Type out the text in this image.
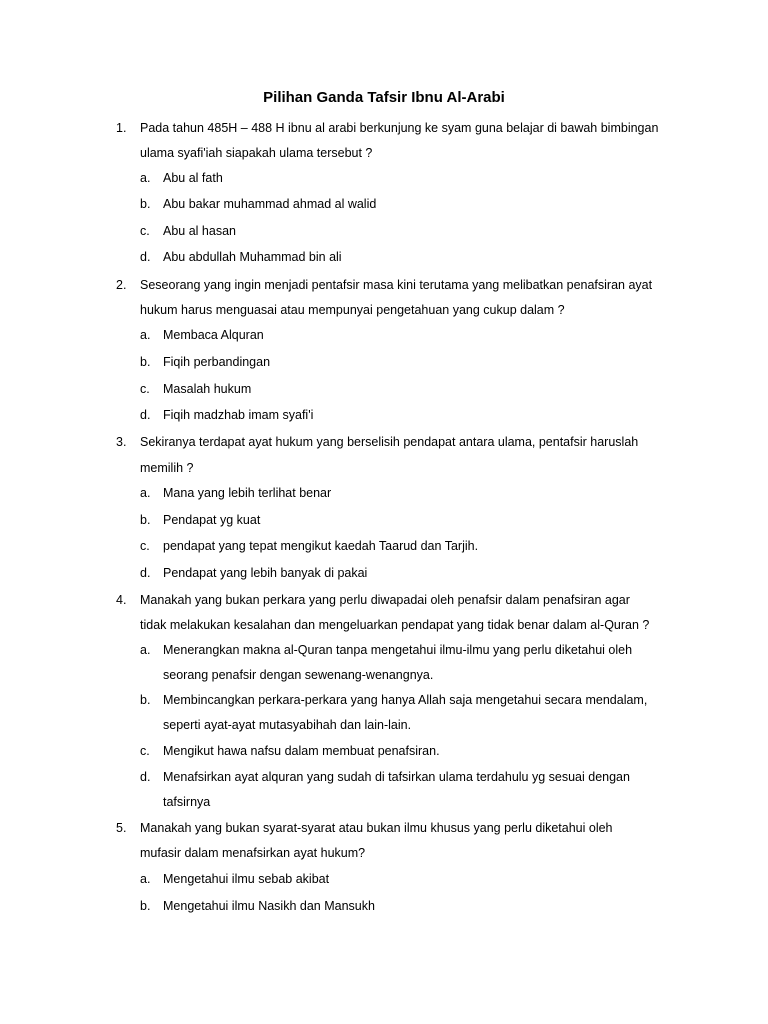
Pilihan Ganda Tafsir Ibnu Al-Arabi
1. Pada tahun 485H – 488 H ibnu al arabi berkunjung ke syam guna belajar di bawah bimbingan
ulama syafi'iah siapakah ulama tersebut ?
a. Abu al fath
b. Abu bakar muhammad ahmad al walid
c. Abu al hasan
d. Abu abdullah Muhammad bin ali
2. Seseorang yang ingin menjadi pentafsir masa kini terutama yang melibatkan penafsiran ayat
hukum harus menguasai atau mempunyai pengetahuan yang cukup dalam ?
a. Membaca Alquran
b. Fiqih perbandingan
c. Masalah hukum
d. Fiqih madzhab imam syafi'i
3. Sekiranya terdapat ayat hukum yang berselisih pendapat antara ulama, pentafsir haruslah
memilih ?
a. Mana yang lebih terlihat benar
b. Pendapat yg kuat
c. pendapat yang tepat mengikut kaedah Taarud dan Tarjih.
d. Pendapat yang lebih banyak di pakai
4. Manakah yang bukan perkara yang perlu diwapadai oleh penafsir dalam penafsiran agar
tidak melakukan kesalahan dan mengeluarkan pendapat yang tidak benar dalam al-Quran ?
a. Menerangkan makna al-Quran tanpa mengetahui ilmu-ilmu yang perlu diketahui oleh
seorang penafsir dengan sewenang-wenangnya.
b. Membincangkan perkara-perkara yang hanya Allah saja mengetahui secara mendalam,
seperti ayat-ayat mutasyabihah dan lain-lain.
c. Mengikut hawa nafsu dalam membuat penafsiran.
d. Menafsirkan ayat alquran yang sudah di tafsirkan ulama terdahulu yg sesuai dengan
tafsirnya
5. Manakah yang bukan syarat-syarat atau bukan ilmu khusus yang perlu diketahui oleh
mufasir dalam menafsirkan ayat hukum?
a. Mengetahui ilmu sebab akibat
b. Mengetahui ilmu Nasikh dan Mansukh
